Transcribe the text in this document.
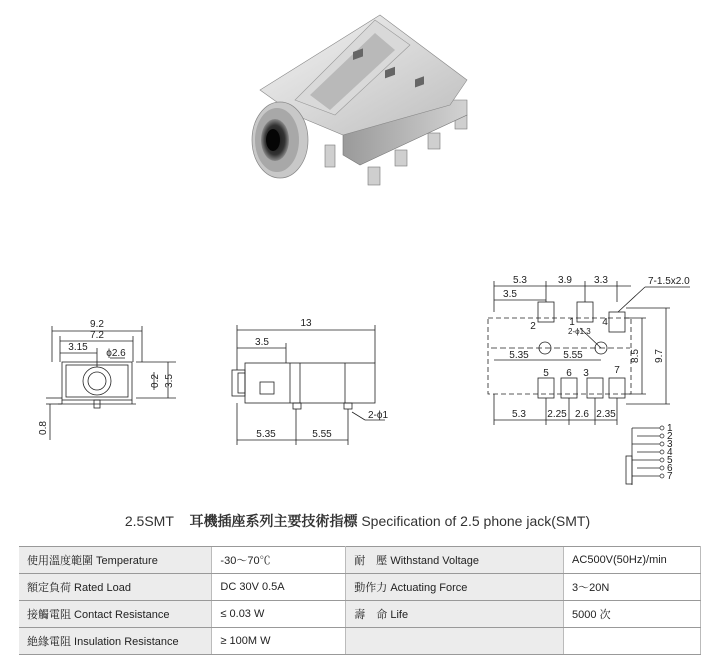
9.2
7.2
3.15
ϕ2.6
0.2 3.5
0.8
13
3.5
5.35	5.55
2-ϕ1
5.3	3.9 3.3
3.5
7-1.5x2.0
2-ϕ1.3
5.35	5.55	8.5 9.7
5.3 2.25 2.6 2.35
1
2
3
4
5 6	7
1
2
3
4
5
6
7
2.5SMT 耳機插座系列主要技術指標 Specification of 2.5 phone jack(SMT)
使用溫度範圍 Temperature	-30～70℃	耐　壓 Withstand Voltage	AC500V(50Hz)/min
額定負荷 Rated Load	DC 30V 0.5A	動作力 Actuating Force	3～20N
接觸電阻 Contact Resistance	≤ 0.03 W	壽　命 Life	5000 次
絶緣電阻 Insulation Resistance	≥ 100M W		
